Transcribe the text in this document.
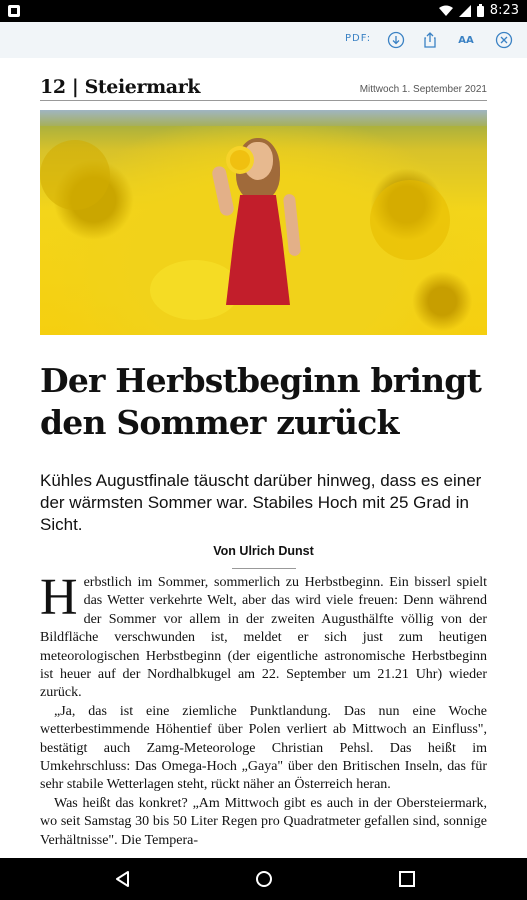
8:23
PDF:	AA
12 | Steiermark	Mittwoch 1. September 2021
Der Herbstbeginn bringt
den Sommer zurück
Kühles Augustfinale täuscht darüber hinweg, dass es einer der wärmsten Sommer war. Stabiles Hoch mit 25 Grad in Sicht.
Von Ulrich Dunst

Herbstlich im Sommer, sommerlich zu Herbstbeginn. Ein bisserl spielt das Wetter verkehrte Welt, aber das wird viele freuen: Denn während der Sommer vor allem in der zweiten Augusthälfte völlig von der Bildfläche verschwunden ist, meldet er sich just zum heutigen meteorologischen Herbstbeginn (der eigentliche astronomische Herbstbeginn ist heuer auf der Nordhalbkugel am 22. September um 21.21 Uhr) wieder zurück.

„Ja, das ist eine ziemliche Punktlandung. Das nun eine Woche wetterbestimmende Höhentief über Polen verliert ab Mittwoch an Einfluss", bestätigt auch Zamg-Meteorologe Christian Pehsl. Das heißt im Umkehrschluss: Das Omega-Hoch „Gaya" über den Britischen Inseln, das für sehr stabile Wetterlagen steht, rückt näher an Österreich heran.

Was heißt das konkret? „Am Mittwoch gibt es auch in der Obersteiermark, wo seit Samstag 30 bis 50 Liter Regen pro Quadratmeter gefallen sind, sonnige Verhältnisse". Die Tempera-
